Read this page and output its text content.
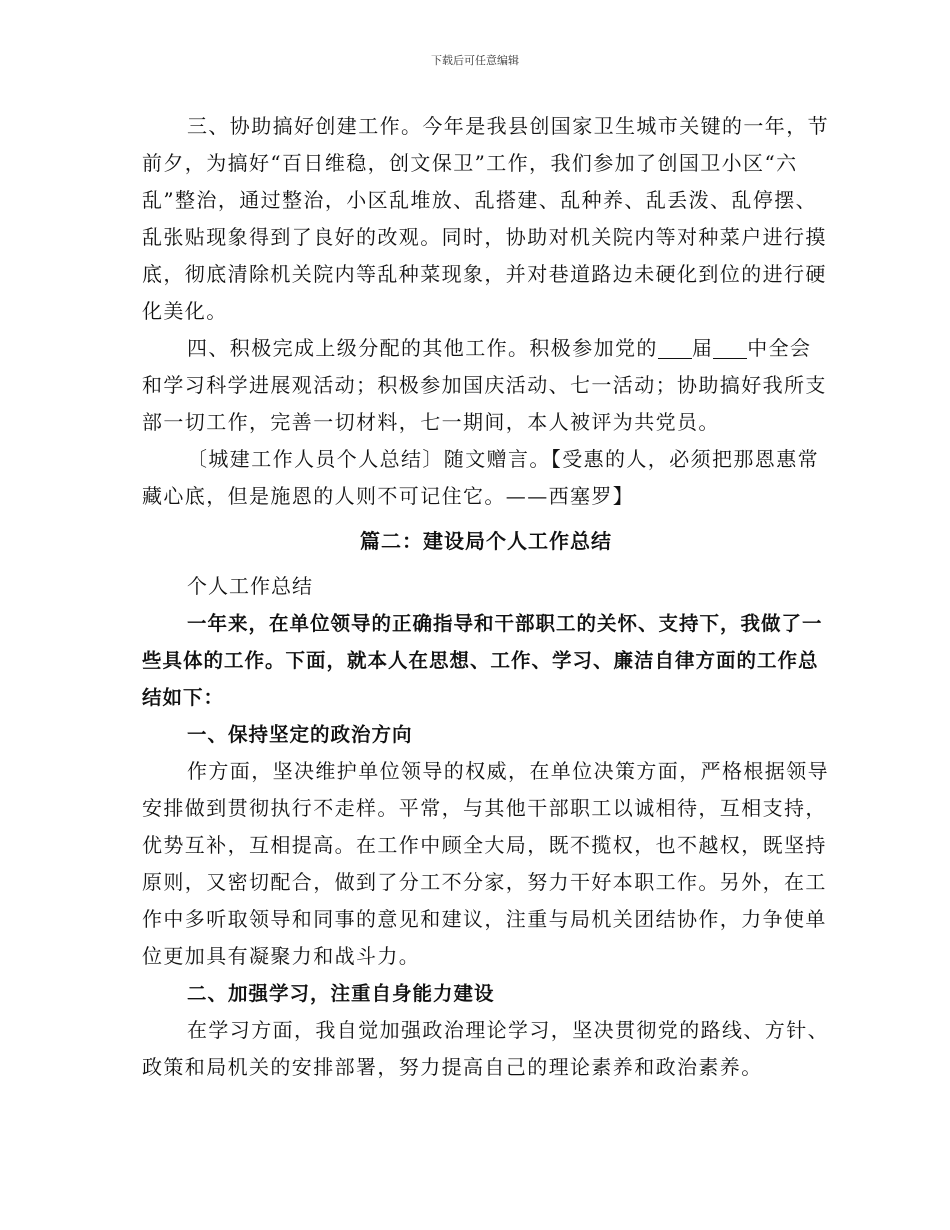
下载后可任意编辑

三、协助搞好创建工作。今年是我县创国家卫生城市关键的一年，节前夕，为搞好“百日维稳，创文保卫”工作，我们参加了创国卫小区“六乱”整治，通过整治，小区乱堆放、乱搭建、乱种养、乱丢泼、乱停摆、乱张贴现象得到了良好的改观。同时，协助对机关院内等对种菜户进行摸底，彻底清除机关院内等乱种菜现象，并对巷道路边未硬化到位的进行硬化美化。

四、积极完成上级分配的其他工作。积极参加党的 届 中全会和学习科学进展观活动；积极参加国庆活动、七一活动；协助搞好我所支部一切工作，完善一切材料，七一期间，本人被评为共党员。

〔城建工作人员个人总结〕随文赠言。【受惠的人，必须把那恩惠常藏心底，但是施恩的人则不可记住它。——西塞罗】

篇二：建设局个人工作总结

个人工作总结

一年来，在单位领导的正确指导和干部职工的关怀、支持下，我做了一些具体的工作。下面，就本人在思想、工作、学习、廉洁自律方面的工作总结如下：

一、保持坚定的政治方向

作方面，坚决维护单位领导的权威，在单位决策方面，严格根据领导安排做到贯彻执行不走样。平常，与其他干部职工以诚相待，互相支持，优势互补，互相提高。在工作中顾全大局，既不揽权，也不越权，既坚持原则，又密切配合，做到了分工不分家，努力干好本职工作。另外，在工作中多听取领导和同事的意见和建议，注重与局机关团结协作，力争使单位更加具有凝聚力和战斗力。

二、加强学习，注重自身能力建设

在学习方面，我自觉加强政治理论学习，坚决贯彻党的路线、方针、政策和局机关的安排部署，努力提高自己的理论素养和政治素养。
